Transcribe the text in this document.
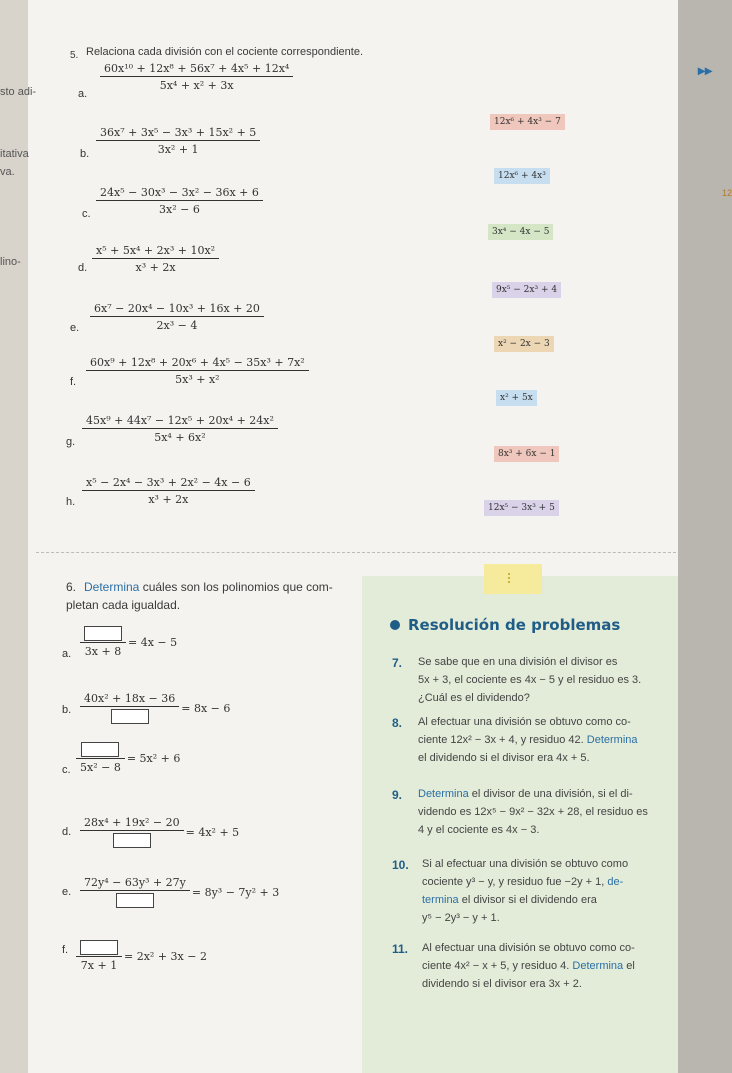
▸▸
12
sto adi-
itativa
va.
lino-
5. Relaciona cada división con el cociente correspondiente.
a.
$\frac{\text{60x¹⁰ + 12x⁸ + 56x⁷ + 4x⁵ + 12x⁴}}{\text{5x⁴ + x² + 3x}}$
b. $\frac{\text{36x⁷ + 3x⁵ − 3x³ + 15x² + 5}}{\text{3x² + 1}}$
c. $\frac{\text{24x⁵ − 30x³ − 3x² − 36x + 6}}{\text{3x² − 6}}$
d. $\frac{\text{x⁵ + 5x⁴ + 2x³ + 10x²}}{\text{x³ + 2x}}$
e. $\frac{\text{6x⁷ − 20x⁴ − 10x³ + 16x + 20}}{\text{2x³ − 4}}$
f. $\frac{\text{60x⁹ + 12x⁸ + 20x⁶ + 4x⁵ − 35x³ + 7x²}}{\text{5x³ + x²}}$
g. $\frac{\text{45x⁹ + 44x⁷ − 12x⁵ + 20x⁴ + 24x²}}{\text{5x⁴ + 6x²}}$
h. $\frac{\text{x⁵ − 2x⁴ − 3x³ + 2x² − 4x − 6}}{\text{x³ + 2x}}$
12x⁶ + 4x³ − 7
12x⁶ + 4x³
3x⁴ − 4x − 5
9x⁵ − 2x³ + 4
x² − 2x − 3
x² + 5x
8x³ + 6x − 1
12x⁵ − 3x³ + 5
6. Determina cuáles son los polinomios que com-
pletan cada igualdad.
a.	3x + 8
= 4x − 5
b.
40x² + 18x − 36
= 8x − 6
c. 5x² − 8
= 5x² + 6
d.
28x⁴ + 19x² − 20
= 4x² + 5
e.
72y⁴ − 63y³ + 27y
= 8y³ − 7y² + 3
f.
7x + 1
= 2x² + 3x − 2
Resolución de problemas
7. Se sabe que en una división el divisor es
5x + 3, el cociente es 4x − 5 y el residuo es 3.
¿Cuál es el dividendo?
8. Al efectuar una división se obtuvo como co-
ciente 12x² − 3x + 4, y residuo 42. Determina
el dividendo si el divisor era 4x + 5.
9. Determina el divisor de una división, si el di-
videndo es 12x⁵ − 9x² − 32x + 28, el residuo es
4 y el cociente es 4x − 3.
10. Si al efectuar una división se obtuvo como
cociente y³ − y, y residuo fue −2y + 1, de-
termina el divisor si el dividendo era
y⁵ − 2y³ − y + 1.
11. Al efectuar una división se obtuvo como co-
ciente 4x² − x + 5, y residuo 4. Determina el
dividendo si el divisor era 3x + 2.
